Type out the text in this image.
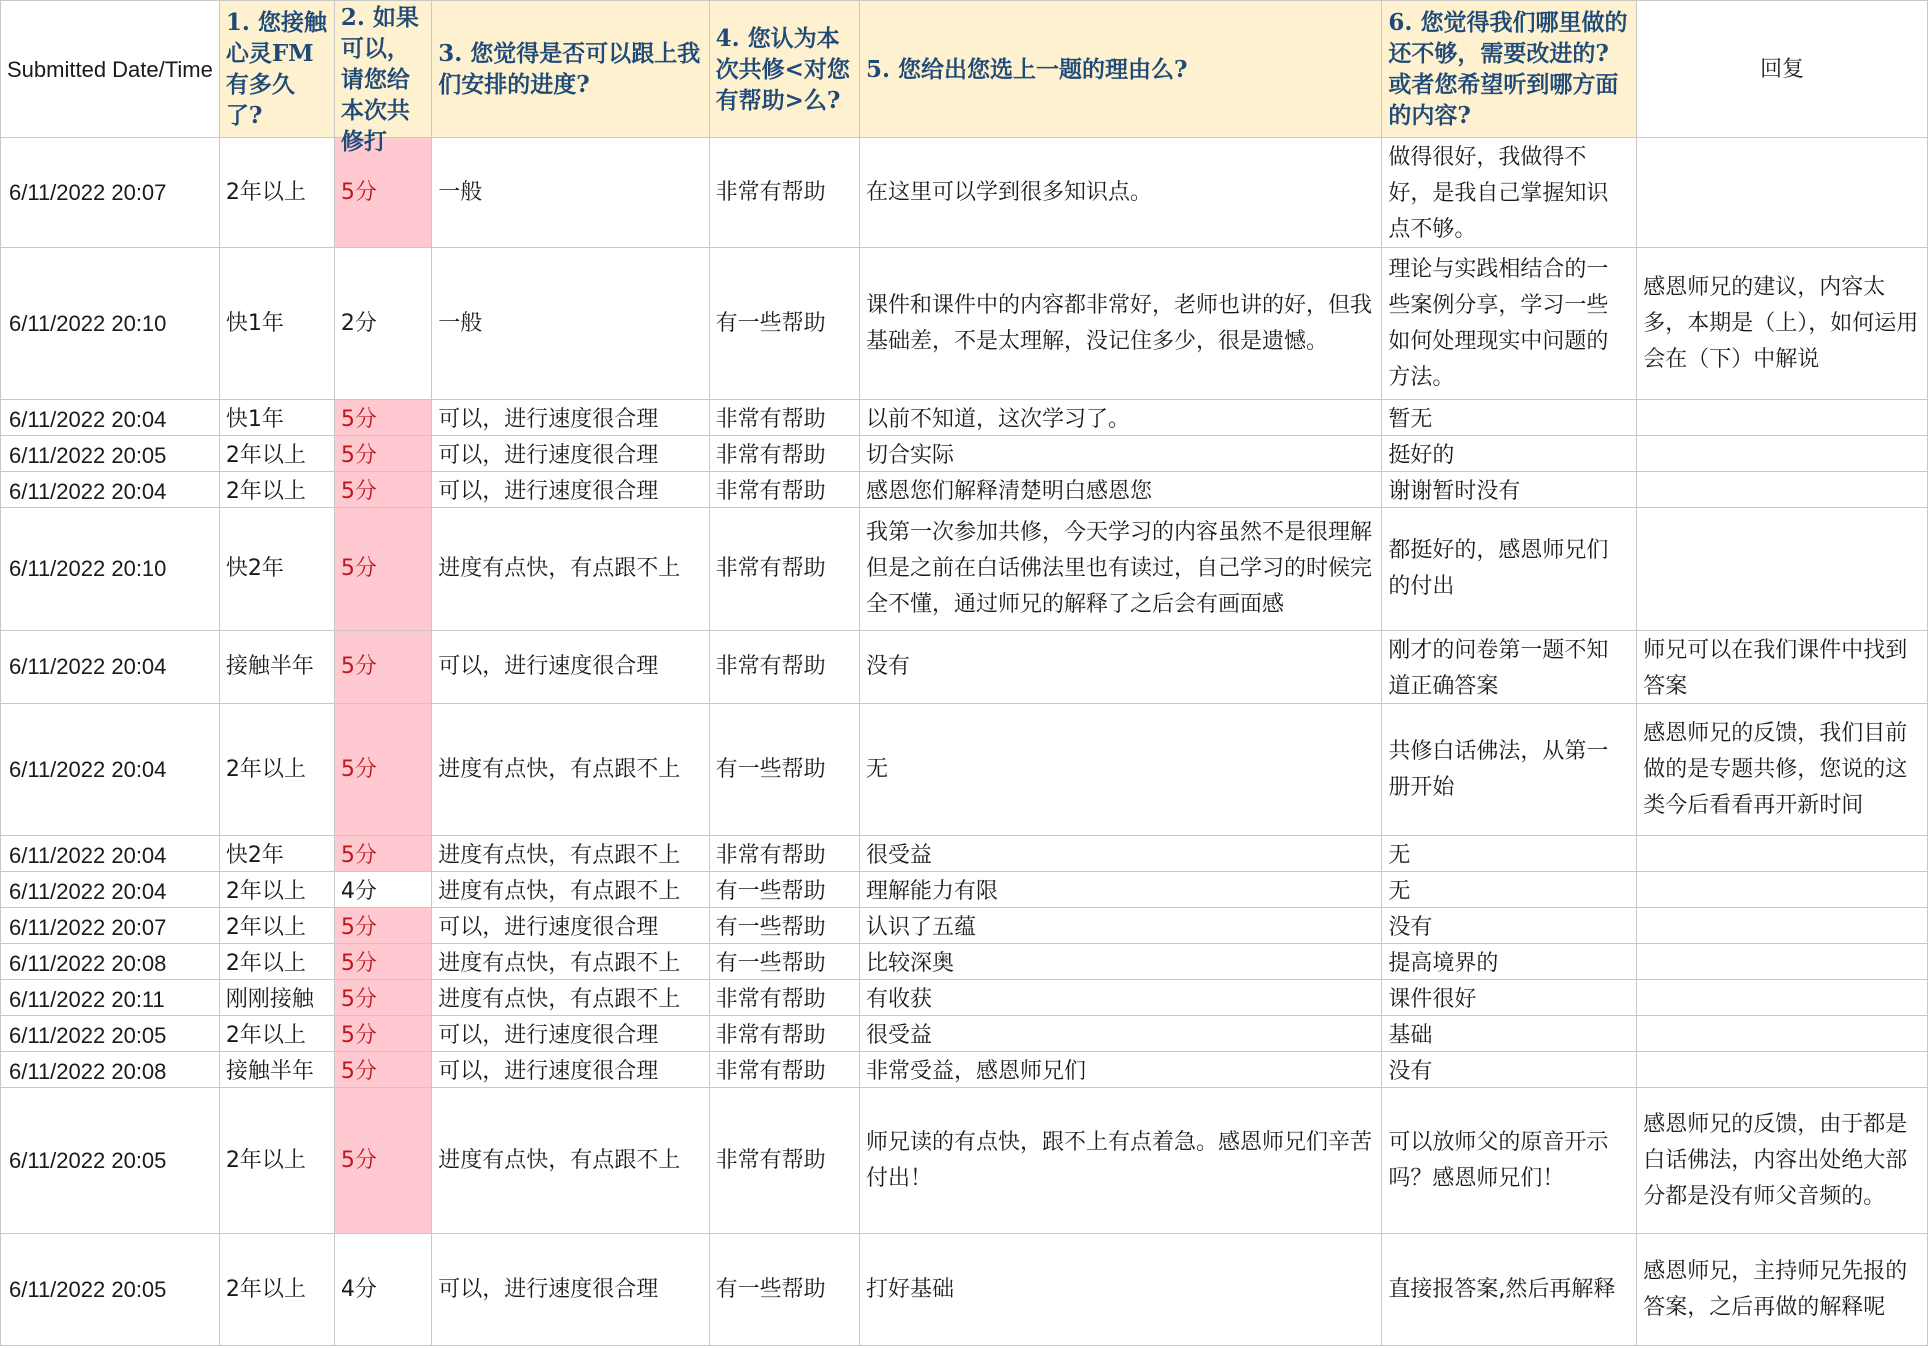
Submitted Date/Time	1. 您接触心灵FM有多久了?	2. 如果可以，请您给本次共修打	3. 您觉得是否可以跟上我们安排的进度?	4. 您认为本次共修<对您有帮助>么?	5. 您给出您选上一题的理由么?	6. 您觉得我们哪里做的还不够，需要改进的? 或者您希望听到哪方面的内容?	回复

6/11/2022 20:07	2年以上	5分	一般	非常有帮助	在这里可以学到很多知识点。	做得很好，我做得不好，是我自己掌握知识点不够。	

6/11/2022 20:10	快1年	2分	一般	有一些帮助	课件和课件中的内容都非常好，老师也讲的好，但我基础差，不是太理解，没记住多少，很是遗憾。	理论与实践相结合的一些案例分享，学习一些如何处理现实中问题的方法。	感恩师兄的建议，内容太多，本期是（上），如何运用会在（下）中解说

6/11/2022 20:04	快1年	5分	可以，进行速度很合理	非常有帮助	以前不知道，这次学习了。	暂无	

6/11/2022 20:05	2年以上	5分	可以，进行速度很合理	非常有帮助	切合实际	挺好的	

6/11/2022 20:04	2年以上	5分	可以，进行速度很合理	非常有帮助	感恩您们解释清楚明白感恩您	谢谢暂时没有	

6/11/2022 20:10	快2年	5分	进度有点快，有点跟不上	非常有帮助	我第一次参加共修，今天学习的内容虽然不是很理解但是之前在白话佛法里也有读过，自己学习的时候完全不懂，通过师兄的解释了之后会有画面感	都挺好的，感恩师兄们的付出	

6/11/2022 20:04	接触半年	5分	可以，进行速度很合理	非常有帮助	没有	刚才的问卷第一题不知道正确答案	师兄可以在我们课件中找到答案

6/11/2022 20:04	2年以上	5分	进度有点快，有点跟不上	有一些帮助	无	共修白话佛法，从第一册开始	感恩师兄的反馈，我们目前做的是专题共修，您说的这类今后看看再开新时间

6/11/2022 20:04	快2年	5分	进度有点快，有点跟不上	非常有帮助	很受益	无	

6/11/2022 20:04	2年以上	4分	进度有点快，有点跟不上	有一些帮助	理解能力有限	无	

6/11/2022 20:07	2年以上	5分	可以，进行速度很合理	有一些帮助	认识了五蕴	没有	

6/11/2022 20:08	2年以上	5分	进度有点快，有点跟不上	有一些帮助	比较深奥	提高境界的	

6/11/2022 20:11	刚刚接触	5分	进度有点快，有点跟不上	非常有帮助	有收获	课件很好	

6/11/2022 20:05	2年以上	5分	可以，进行速度很合理	非常有帮助	很受益	基础	

6/11/2022 20:08	接触半年	5分	可以，进行速度很合理	非常有帮助	非常受益，感恩师兄们	没有	

6/11/2022 20:05	2年以上	5分	进度有点快，有点跟不上	非常有帮助	师兄读的有点快，跟不上有点着急。感恩师兄们辛苦付出！	可以放师父的原音开示吗？感恩师兄们！	感恩师兄的反馈，由于都是白话佛法，内容出处绝大部分都是没有师父音频的。

6/11/2022 20:05	2年以上	4分	可以，进行速度很合理	有一些帮助	打好基础	直接报答案,然后再解释	感恩师兄，主持师兄先报的答案，之后再做的解释呢
